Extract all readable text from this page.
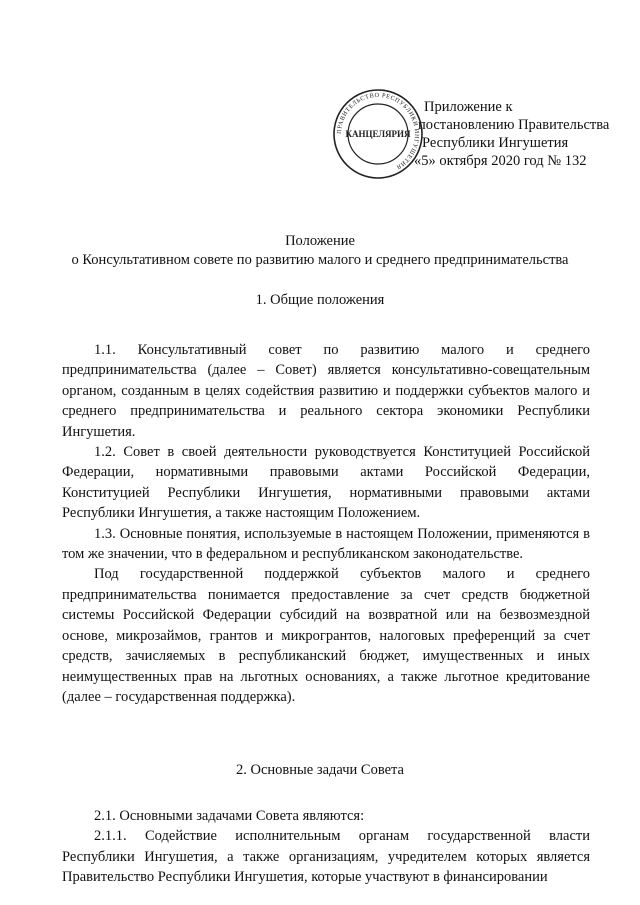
ПРАВИТЕЛЬСТВО РЕСПУБЛИКИ ИНГУШЕТИЯ
КАНЦЕЛЯРИЯ
Приложение к
постановлению Правительства
Республики Ингушетия
«5» октября 2020 год № 132
Положение
о Консультативном совете по развитию малого и среднего предпринимательства
1. Общие положения

1.1. Консультативный совет по развитию малого и среднего предпринимательства (далее – Совет) является консультативно-совещательным органом, созданным в целях содействия развитию и поддержки субъектов малого и среднего предпринимательства и реального сектора экономики Республики Ингушетия.

1.2. Совет в своей деятельности руководствуется Конституцией Российской Федерации, нормативными правовыми актами Российской Федерации, Конституцией Республики Ингушетия, нормативными правовыми актами Республики Ингушетия, а также настоящим Положением.

1.3. Основные понятия, используемые в настоящем Положении, применяются в том же значении, что в федеральном и республиканском законодательстве.

Под государственной поддержкой субъектов малого и среднего предпринимательства понимается предоставление за счет средств бюджетной системы Российской Федерации субсидий на возвратной или на безвозмездной основе, микрозаймов, грантов и микрогрантов, налоговых преференций за счет средств, зачисляемых в республиканский бюджет, имущественных и иных неимущественных прав на льготных основаниях, а также льготное кредитование (далее – государственная поддержка).

2. Основные задачи Совета

2.1. Основными задачами Совета являются:

2.1.1. Содействие исполнительным органам государственной власти Республики Ингушетия, а также организациям, учредителем которых является Правительство Республики Ингушетия, которые участвуют в финансировании
